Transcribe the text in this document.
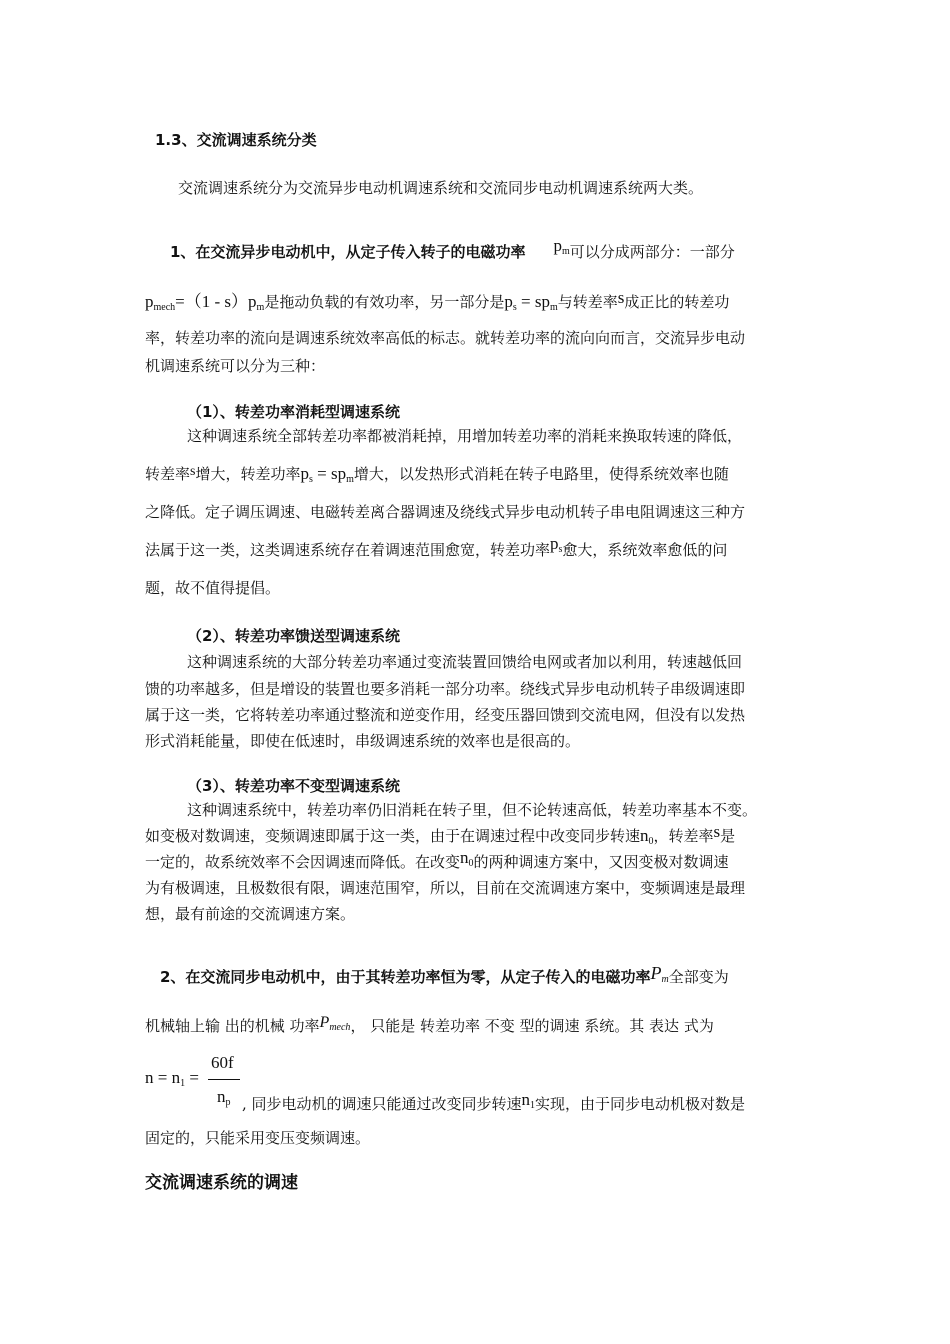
1.3、交流调速系统分类
交流调速系统分为交流异步电动机调速系统和交流同步电动机调速系统两大类。
1、在交流异步电动机中，从定子传入转子的电磁功率 $p_m$可以分成两部分：一部分
$p_{mech}=(1 - s)p_m$是拖动负载的有效功率，另一部分是$p_s = sp_m$与转差率s成正比的转差功
率，转差功率的流向是调速系统效率高低的标志。就转差功率的流向向而言，交流异步电动
机调速系统可以分为三种：
（1）、转差功率消耗型调速系统
这种调速系统全部转差功率都被消耗掉，用增加转差功率的消耗来换取转速的降低，
转差率s增大，转差功率$p_s = sp_m$增大，以发热形式消耗在转子电路里，使得系统效率也随
之降低。定子调压调速、电磁转差离合器调速及绕线式异步电动机转子串电阻调速这三种方
法属于这一类，这类调速系统存在着调速范围愈宽，转差功率$p_s$愈大，系统效率愈低的问
题，故不值得提倡。
（2）、转差功率馈送型调速系统
这种调速系统的大部分转差功率通过变流装置回馈给电网或者加以利用，转速越低回
馈的功率越多，但是增设的装置也要多消耗一部分功率。绕线式异步电动机转子串级调速即
属于这一类，它将转差功率通过整流和逆变作用，经变压器回馈到交流电网，但没有以发热
形式消耗能量，即使在低速时，串级调速系统的效率也是很高的。
（3）、转差功率不变型调速系统
这种调速系统中，转差功率仍旧消耗在转子里，但不论转速高低，转差功率基本不变。
如变极对数调速，变频调速即属于这一类，由于在调速过程中改变同步转速$n_0$，转差率s是
一定的，故系统效率不会因调速而降低。在改变$n_0$的两种调速方案中，又因变极对数调速
为有极调速，且极数很有限，调速范围窄，所以，目前在交流调速方案中，变频调速是最理
想，最有前途的交流调速方案。
2、在交流同步电动机中，由于其转差功率恒为零，从定子传入的电磁功率$P_m$全部变为
机械轴上输 出的机械 功率$P_{mech}$， 只能是 转差功率 不变 型的调速 系统。其 表达 式为
$n = n_1$ =
60f
$n_p$ , 同步电动机的调速只能通过改变同步转速$n_1$实现，由于同步电动机极对数是
固定的，只能采用变压变频调速。
交流调速系统的调速
